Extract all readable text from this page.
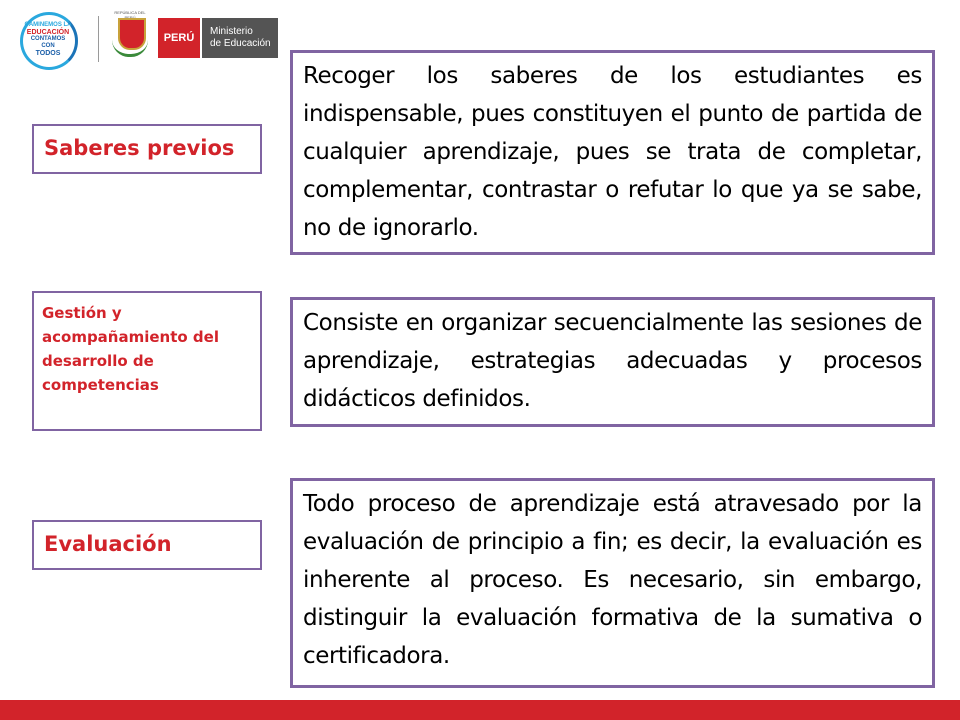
CAMINEMOS LA
EDUCACIÓN
CONTAMOS CON
TODOS
REPÚBLICA DEL
PERÚ
Ministerio
de Educación
Saberes previos
Recoger los saberes de los estudiantes es indispensable, pues constituyen el punto de partida de cualquier aprendizaje, pues se trata de completar, complementar, contrastar o refutar lo que ya se sabe, no de ignorarlo.
Gestión y acompañamiento del desarrollo de competencias
Consiste en organizar secuencialmente las sesiones de aprendizaje, estrategias adecuadas y procesos didácticos definidos.
Evaluación
Todo proceso de aprendizaje está atravesado por la evaluación de principio a fin; es decir, la evaluación es inherente al proceso. Es necesario, sin embargo, distinguir la evaluación formativa de la sumativa o certificadora.
